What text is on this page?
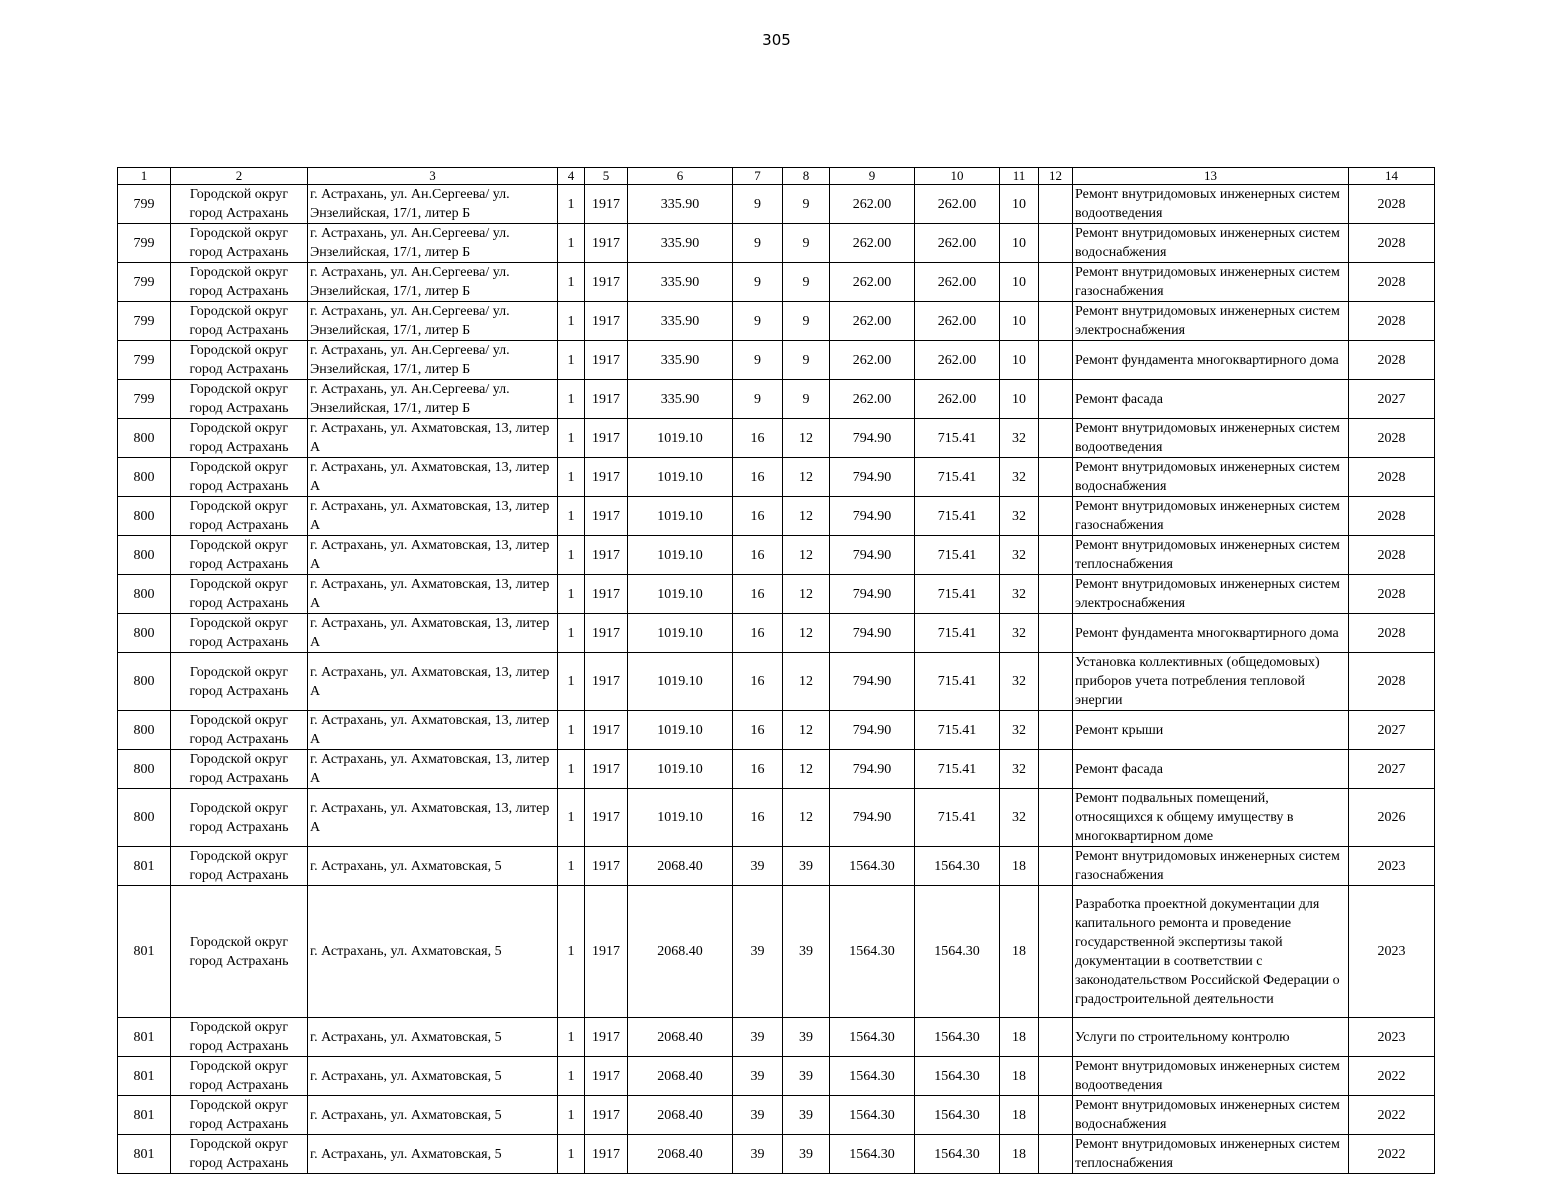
305
1	2	3	4	5	6	7	8	9	10	11	12	13	14
799	Городской округ город Астрахань	г. Астрахань, ул. Ан.Сергеева/ ул. Энзелийская, 17/1, литер Б	1	1917	335.90	9	9	262.00	262.00	10		Ремонт внутридомовых инженерных систем водоотведения	2028
799	Городской округ город Астрахань	г. Астрахань, ул. Ан.Сергеева/ ул. Энзелийская, 17/1, литер Б	1	1917	335.90	9	9	262.00	262.00	10		Ремонт внутридомовых инженерных систем водоснабжения	2028
799	Городской округ город Астрахань	г. Астрахань, ул. Ан.Сергеева/ ул. Энзелийская, 17/1, литер Б	1	1917	335.90	9	9	262.00	262.00	10		Ремонт внутридомовых инженерных систем газоснабжения	2028
799	Городской округ город Астрахань	г. Астрахань, ул. Ан.Сергеева/ ул. Энзелийская, 17/1, литер Б	1	1917	335.90	9	9	262.00	262.00	10		Ремонт внутридомовых инженерных систем электроснабжения	2028
799	Городской округ город Астрахань	г. Астрахань, ул. Ан.Сергеева/ ул. Энзелийская, 17/1, литер Б	1	1917	335.90	9	9	262.00	262.00	10		Ремонт фундамента многоквартирного дома	2028
799	Городской округ город Астрахань	г. Астрахань, ул. Ан.Сергеева/ ул. Энзелийская, 17/1, литер Б	1	1917	335.90	9	9	262.00	262.00	10		Ремонт фасада	2027
800	Городской округ город Астрахань	г. Астрахань, ул. Ахматовская, 13, литер А	1	1917	1019.10	16	12	794.90	715.41	32		Ремонт внутридомовых инженерных систем водоотведения	2028
800	Городской округ город Астрахань	г. Астрахань, ул. Ахматовская, 13, литер А	1	1917	1019.10	16	12	794.90	715.41	32		Ремонт внутридомовых инженерных систем водоснабжения	2028
800	Городской округ город Астрахань	г. Астрахань, ул. Ахматовская, 13, литер А	1	1917	1019.10	16	12	794.90	715.41	32		Ремонт внутридомовых инженерных систем газоснабжения	2028
800	Городской округ город Астрахань	г. Астрахань, ул. Ахматовская, 13, литер А	1	1917	1019.10	16	12	794.90	715.41	32		Ремонт внутридомовых инженерных систем теплоснабжения	2028
800	Городской округ город Астрахань	г. Астрахань, ул. Ахматовская, 13, литер А	1	1917	1019.10	16	12	794.90	715.41	32		Ремонт внутридомовых инженерных систем электроснабжения	2028
800	Городской округ город Астрахань	г. Астрахань, ул. Ахматовская, 13, литер А	1	1917	1019.10	16	12	794.90	715.41	32		Ремонт фундамента многоквартирного дома	2028
800	Городской округ город Астрахань	г. Астрахань, ул. Ахматовская, 13, литер А	1	1917	1019.10	16	12	794.90	715.41	32		Установка коллективных (общедомовых) приборов учета потребления тепловой энергии	2028
800	Городской округ город Астрахань	г. Астрахань, ул. Ахматовская, 13, литер А	1	1917	1019.10	16	12	794.90	715.41	32		Ремонт крыши	2027
800	Городской округ город Астрахань	г. Астрахань, ул. Ахматовская, 13, литер А	1	1917	1019.10	16	12	794.90	715.41	32		Ремонт фасада	2027
800	Городской округ город Астрахань	г. Астрахань, ул. Ахматовская, 13, литер А	1	1917	1019.10	16	12	794.90	715.41	32		Ремонт подвальных помещений, относящихся к общему имуществу в многоквартирном доме	2026
801	Городской округ город Астрахань	г. Астрахань, ул. Ахматовская, 5	1	1917	2068.40	39	39	1564.30	1564.30	18		Ремонт внутридомовых инженерных систем газоснабжения	2023
801	Городской округ город Астрахань	г. Астрахань, ул. Ахматовская, 5	1	1917	2068.40	39	39	1564.30	1564.30	18		Разработка проектной документации для капитального ремонта и проведение государственной экспертизы такой документации в соответствии с законодательством Российской Федерации о градостроительной деятельности	2023
801	Городской округ город Астрахань	г. Астрахань, ул. Ахматовская, 5	1	1917	2068.40	39	39	1564.30	1564.30	18		Услуги по строительному контролю	2023
801	Городской округ город Астрахань	г. Астрахань, ул. Ахматовская, 5	1	1917	2068.40	39	39	1564.30	1564.30	18		Ремонт внутридомовых инженерных систем водоотведения	2022
801	Городской округ город Астрахань	г. Астрахань, ул. Ахматовская, 5	1	1917	2068.40	39	39	1564.30	1564.30	18		Ремонт внутридомовых инженерных систем водоснабжения	2022
801	Городской округ город Астрахань	г. Астрахань, ул. Ахматовская, 5	1	1917	2068.40	39	39	1564.30	1564.30	18		Ремонт внутридомовых инженерных систем теплоснабжения	2022
